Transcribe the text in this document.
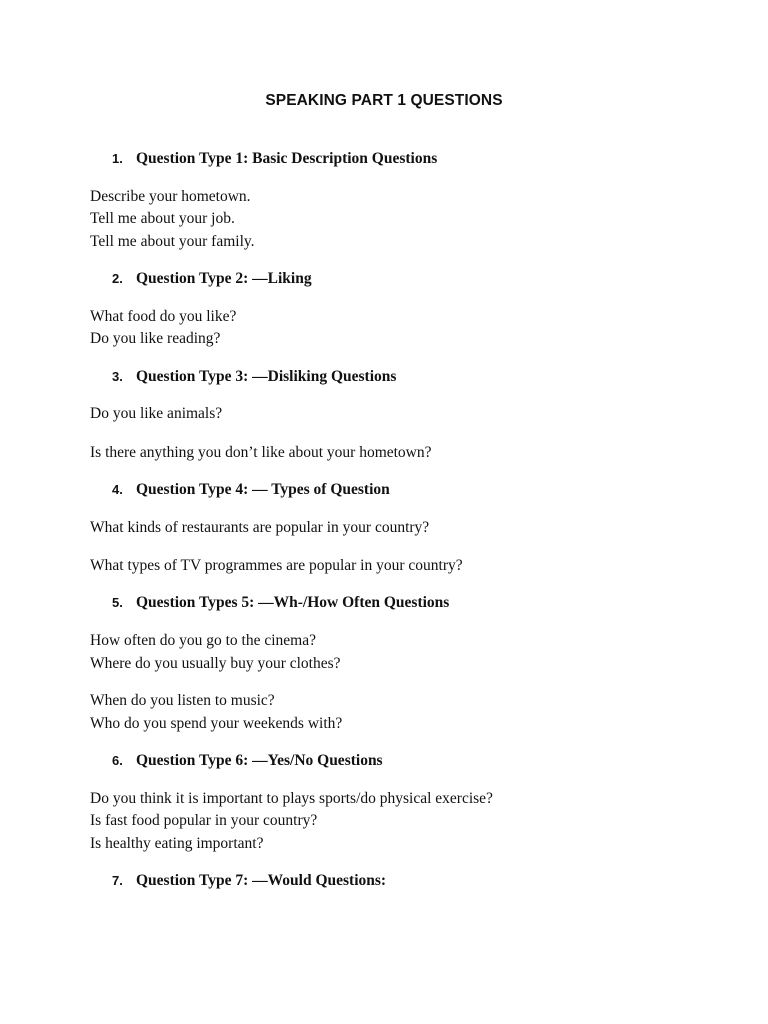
SPEAKING PART 1 QUESTIONS
1. Question Type 1: Basic Description Questions
Describe your hometown.
Tell me about your job.
Tell me about your family.
2. Question Type 2: —Liking
What food do you like?
Do you like reading?
3. Question Type 3: —Disliking Questions
Do you like animals?
Is there anything you don’t like about your hometown?
4. Question Type 4: — Types of Question
What kinds of restaurants are popular in your country?
What types of TV programmes are popular in your country?
5. Question Types 5: —Wh-/How Often Questions
How often do you go to the cinema?
Where do you usually buy your clothes?
When do you listen to music?
Who do you spend your weekends with?
6. Question Type 6: —Yes/No Questions
Do you think it is important to plays sports/do physical exercise?
Is fast food popular in your country?
Is healthy eating important?
7. Question Type 7: —Would Questions:
